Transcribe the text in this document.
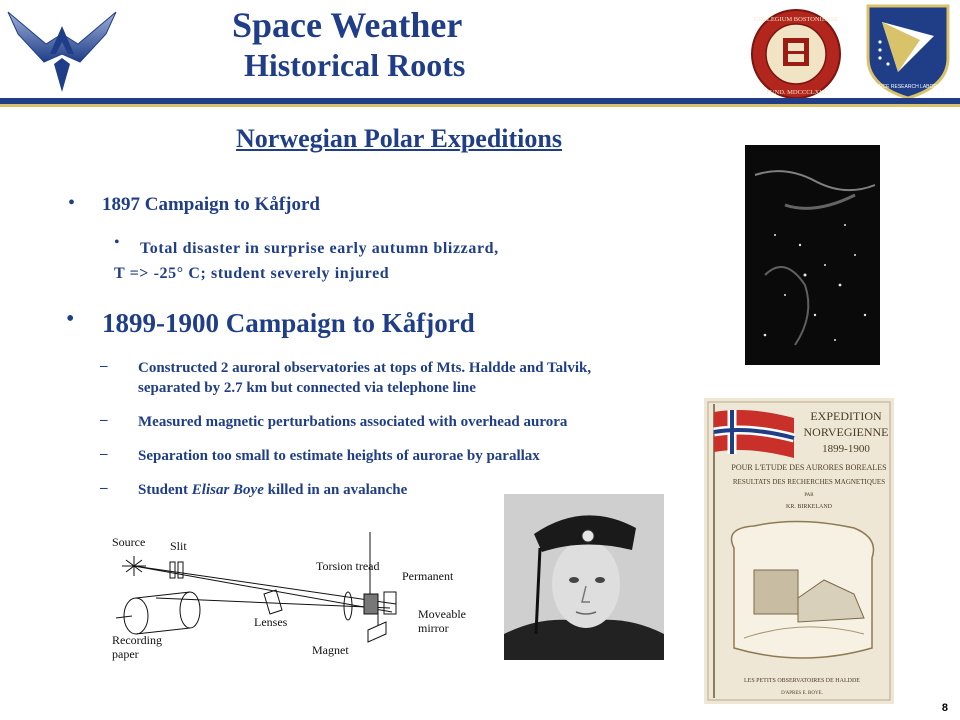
Space Weather
Historical Roots
COLLEGIUM BOSTONIENSE
FUND. MDCCCLXIII
AIR FORCE RESEARCH LABORATORY
Norwegian Polar Expeditions
• 1897 Campaign to Kåfjord
• Total disaster in surprise early autumn blizzard,
T => -25° C; student severely injured
• 1899-1900 Campaign to Kåfjord
– Constructed 2 auroral observatories at tops of Mts. Haldde and Talvik,
separated by 2.7 km but connected via telephone line
– Measured magnetic perturbations associated with overhead aurora
– Separation too small to estimate heights of aurorae by parallax
– Student Elisar Boye killed in an avalanche
EXPEDITION
NORVEGIENNE
1899-1900
POUR L'ETUDE DES AURORES BOREALES
RESULTATS DES RECHERCHES MAGNETIQUES
PAR
KR. BIRKELAND
LES PETITS OBSERVATOIRES DE HALDDE
D'APRES E. BOYE.
Source Slit
Torsion tread
Permanent
Lenses
Moveable
mirror
Recording
paper	Magnet
8
